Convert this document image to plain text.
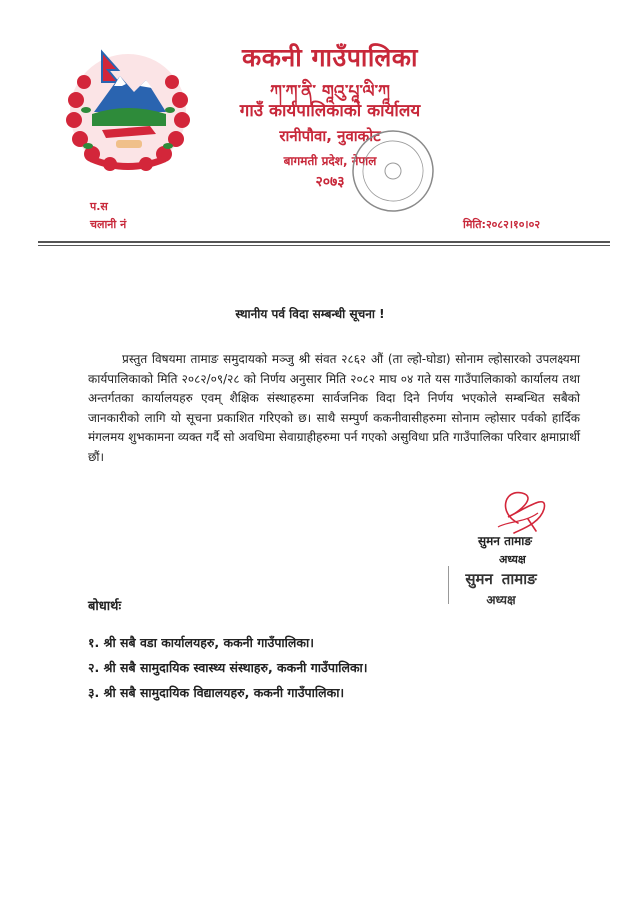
ककनी गाउँपालिका
ཀ་ཀ་ནི་ གཱའུ་པཱ་ལི་ཀཱ
गाउँ कार्यपालिकाको कार्यालय
रानीपौवा, नुवाकोट
बागमती प्रदेश, नेपाल
२०७३
प.स
चलानी नं	मिति:२०८२।१०।०२
स्थानीय पर्व विदा सम्बन्धी सूचना !
प्रस्तुत विषयमा तामाङ समुदायको मञ्जु श्री संवत २८६२ औं (ता ल्हो-घोडा) सोनाम ल्होसारको उपलक्ष्यमा कार्यपालिकाको मिति २०८२/०९/२८ को निर्णय अनुसार मिति २०८२ माघ ०४ गते यस गाउँपालिकाको कार्यालय तथा अन्तर्गतका कार्यालयहरु एवम् शैक्षिक संस्थाहरुमा सार्वजनिक विदा दिने निर्णय भएकोले सम्बन्धित सबैको जानकारीको लागि यो सूचना प्रकाशित गरिएको छ। साथै सम्पुर्ण ककनीवासीहरुमा सोनाम ल्होसार पर्वको हार्दिक मंगलमय शुभकामना व्यक्त गर्दै सो अवधिमा सेवाग्राहीहरुमा पर्न गएको असुविधा प्रति गाउँपालिका परिवार क्षमाप्रार्थी छौं।
सुमन तामाङ
अध्यक्ष
सुमन तामाङ
अध्यक्ष
बोधार्थः
१. श्री सबै वडा कार्यालयहरु, ककनी गाउँपालिका।
२. श्री सबै सामुदायिक स्वास्थ्य संस्थाहरु, ककनी गाउँपालिका।
३. श्री सबै सामुदायिक विद्यालयहरु, ककनी गाउँपालिका।
